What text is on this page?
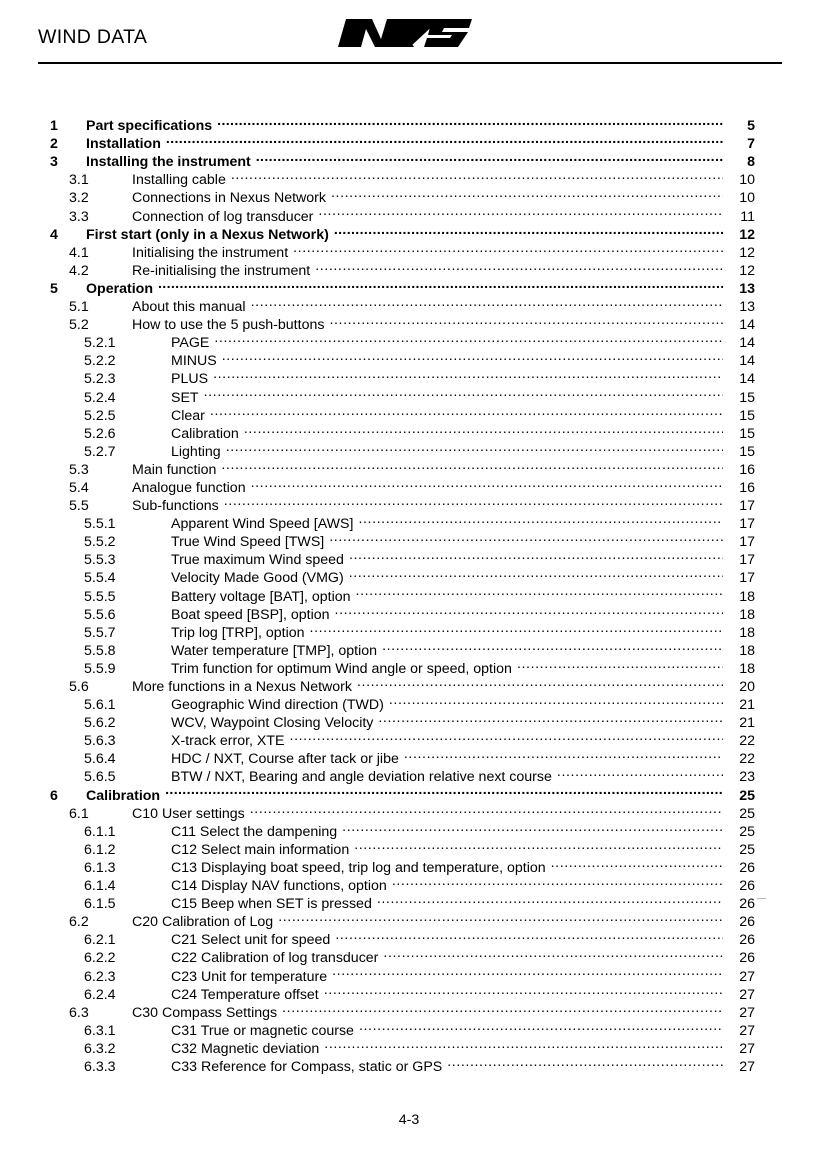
WIND DATA
1	Part specifications .....	5
2	Installation .....	7
3	Installing the instrument .....	8
3.1	Installing cable .....	10
3.2	Connections in Nexus Network .....	10
3.3	Connection of log transducer .....	11
4	First start (only in a Nexus Network) .....	12
4.1	Initialising the instrument .....	12
4.2	Re-initialising the instrument .....	12
5	Operation .....	13
5.1	About this manual .....	13
5.2	How to use the 5 push-buttons .....	14
5.2.1	PAGE .....	14
5.2.2	MINUS .....	14
5.2.3	PLUS .....	14
5.2.4	SET .....	15
5.2.5	Clear .....	15
5.2.6	Calibration .....	15
5.2.7	Lighting .....	15
5.3	Main function .....	16
5.4	Analogue function .....	16
5.5	Sub-functions .....	17
5.5.1	Apparent Wind Speed [AWS] .....	17
5.5.2	True Wind Speed [TWS] .....	17
5.5.3	True maximum Wind speed .....	17
5.5.4	Velocity Made Good (VMG) .....	17
5.5.5	Battery voltage [BAT], option .....	18
5.5.6	Boat speed [BSP], option .....	18
5.5.7	Trip log [TRP], option .....	18
5.5.8	Water temperature [TMP], option .....	18
5.5.9	Trim function for optimum Wind angle or speed, option .....	18
5.6	More functions in a Nexus Network .....	20
5.6.1	Geographic Wind direction (TWD) .....	21
5.6.2	WCV, Waypoint Closing Velocity .....	21
5.6.3	X-track error, XTE .....	22
5.6.4	HDC / NXT, Course after tack or jibe .....	22
5.6.5	BTW / NXT, Bearing and angle deviation relative next course .....	23
6	Calibration .....	25
6.1	C10 User settings .....	25
6.1.1	C11 Select the dampening .....	25
6.1.2	C12 Select main information .....	25
6.1.3	C13 Displaying boat speed, trip log and temperature, option .....	26
6.1.4	C14 Display NAV functions, option .....	26
6.1.5	C15 Beep when SET is pressed .....	26
6.2	C20 Calibration of Log .....	26
6.2.1	C21 Select unit for speed .....	26
6.2.2	C22 Calibration of log transducer .....	26
6.2.3	C23 Unit for temperature .....	27
6.2.4	C24 Temperature offset .....	27
6.3	C30 Compass Settings .....	27
6.3.1	C31 True or magnetic course .....	27
6.3.2	C32 Magnetic deviation .....	27
6.3.3	C33 Reference for Compass, static or GPS .....	27
4-3
